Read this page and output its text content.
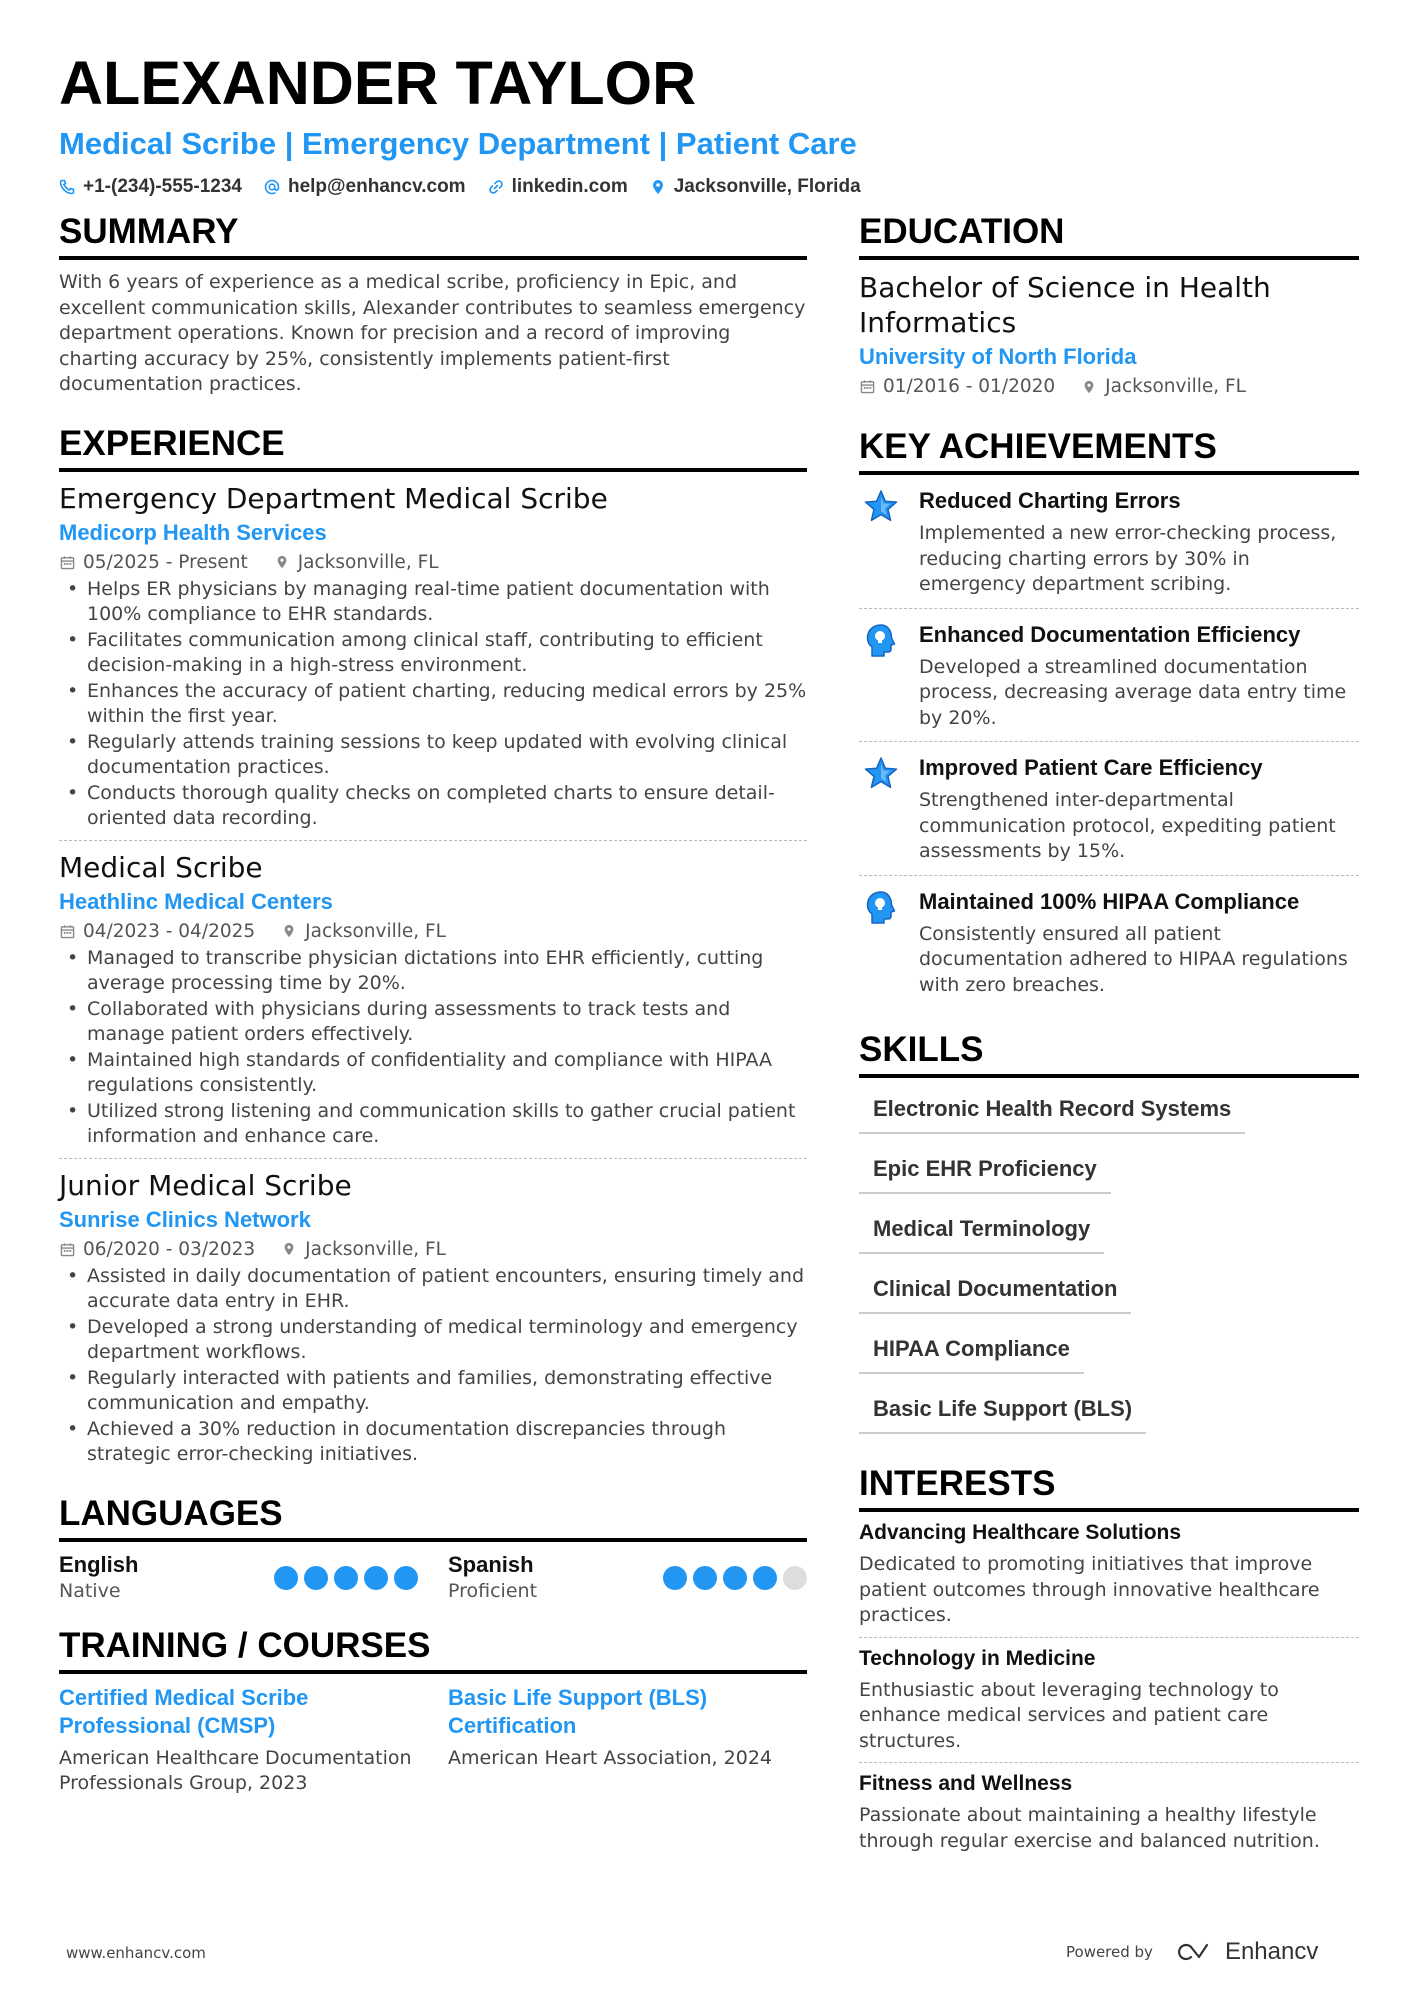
ALEXANDER TAYLOR
Medical Scribe | Emergency Department | Patient Care
+1-(234)-555-1234 help@enhancv.com linkedin.com Jacksonville, Florida
SUMMARY
With 6 years of experience as a medical scribe, proficiency in Epic, and excellent communication skills, Alexander contributes to seamless emergency department operations. Known for precision and a record of improving charting accuracy by 25%, consistently implements patient-first documentation practices.
EXPERIENCE
Emergency Department Medical Scribe
Medicorp Health Services
05/2025 - Present	Jacksonville, FL
• Helps ER physicians by managing real-time patient documentation with 100% compliance to EHR standards.
• Facilitates communication among clinical staff, contributing to efficient decision-making in a high-stress environment.
• Enhances the accuracy of patient charting, reducing medical errors by 25% within the first year.
• Regularly attends training sessions to keep updated with evolving clinical documentation practices.
• Conducts thorough quality checks on completed charts to ensure detail-oriented data recording.
Medical Scribe
Heathlinc Medical Centers
04/2023 - 04/2025	Jacksonville, FL
• Managed to transcribe physician dictations into EHR efficiently, cutting average processing time by 20%.
• Collaborated with physicians during assessments to track tests and manage patient orders effectively.
• Maintained high standards of confidentiality and compliance with HIPAA regulations consistently.
• Utilized strong listening and communication skills to gather crucial patient information and enhance care.
Junior Medical Scribe
Sunrise Clinics Network
06/2020 - 03/2023	Jacksonville, FL
• Assisted in daily documentation of patient encounters, ensuring timely and accurate data entry in EHR.
• Developed a strong understanding of medical terminology and emergency department workflows.
• Regularly interacted with patients and families, demonstrating effective communication and empathy.
• Achieved a 30% reduction in documentation discrepancies through strategic error-checking initiatives.
LANGUAGES
English
Native
Spanish
Proficient
TRAINING / COURSES
Certified Medical Scribe Professional (CMSP)
American Healthcare Documentation Professionals Group, 2023
Basic Life Support (BLS) Certification
American Heart Association, 2024
EDUCATION
Bachelor of Science in Health Informatics
University of North Florida
01/2016 - 01/2020	Jacksonville, FL
KEY ACHIEVEMENTS
Reduced Charting Errors
Implemented a new error-checking process, reducing charting errors by 30% in emergency department scribing.
Enhanced Documentation Efficiency
Developed a streamlined documentation process, decreasing average data entry time by 20%.
Improved Patient Care Efficiency
Strengthened inter-departmental communication protocol, expediting patient assessments by 15%.
Maintained 100% HIPAA Compliance
Consistently ensured all patient documentation adhered to HIPAA regulations with zero breaches.
SKILLS
Electronic Health Record Systems
Epic EHR Proficiency
Medical Terminology
Clinical Documentation
HIPAA Compliance
Basic Life Support (BLS)
INTERESTS
Advancing Healthcare Solutions
Dedicated to promoting initiatives that improve patient outcomes through innovative healthcare practices.
Technology in Medicine
Enthusiastic about leveraging technology to enhance medical services and patient care structures.
Fitness and Wellness
Passionate about maintaining a healthy lifestyle through regular exercise and balanced nutrition.
www.enhancv.com	Powered by	Enhancv
